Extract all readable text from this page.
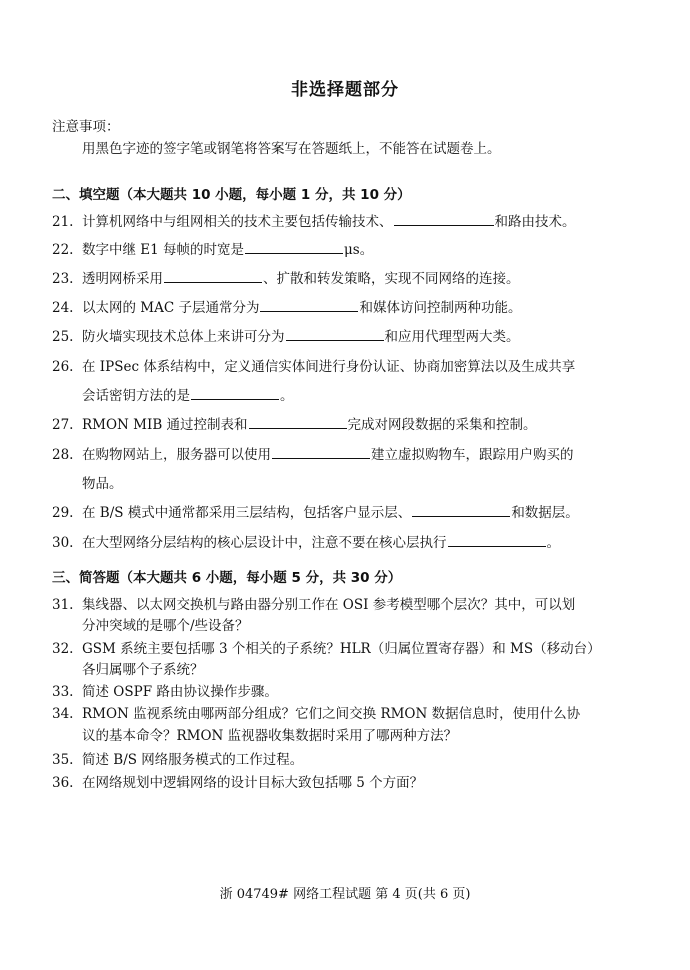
非选择题部分
注意事项：
用黑色字迹的签字笔或钢笔将答案写在答题纸上，不能答在试题卷上。
二、填空题（本大题共 10 小题，每小题 1 分，共 10 分）
21. 计算机网络中与组网相关的技术主要包括传输技术、	和路由技术。
22. 数字中继 E1 每帧的时宽是	μs。
23. 透明网桥采用	、扩散和转发策略，实现不同网络的连接。
24. 以太网的 MAC 子层通常分为	和媒体访问控制两种功能。
25. 防火墙实现技术总体上来讲可分为	和应用代理型两大类。
26. 在 IPSec 体系结构中，定义通信实体间进行身份认证、协商加密算法以及生成共享
会话密钥方法的是	。
27. RMON MIB 通过控制表和	完成对网段数据的采集和控制。
28. 在购物网站上，服务器可以使用	建立虚拟购物车，跟踪用户购买的
物品。
29. 在 B/S 模式中通常都采用三层结构，包括客户显示层、	和数据层。
30. 在大型网络分层结构的核心层设计中，注意不要在核心层执行	。
三、简答题（本大题共 6 小题，每小题 5 分，共 30 分）
31. 集线器、以太网交换机与路由器分别工作在 OSI 参考模型哪个层次？其中，可以划
分冲突域的是哪个/些设备？
32. GSM 系统主要包括哪 3 个相关的子系统？HLR（归属位置寄存器）和 MS（移动台）
各归属哪个子系统？
33. 简述 OSPF 路由协议操作步骤。
34. RMON 监视系统由哪两部分组成？它们之间交换 RMON 数据信息时，使用什么协
议的基本命令？RMON 监视器收集数据时采用了哪两种方法？
35. 简述 B/S 网络服务模式的工作过程。
36. 在网络规划中逻辑网络的设计目标大致包括哪 5 个方面？
浙 04749# 网络工程试题 第 4 页(共 6 页)
